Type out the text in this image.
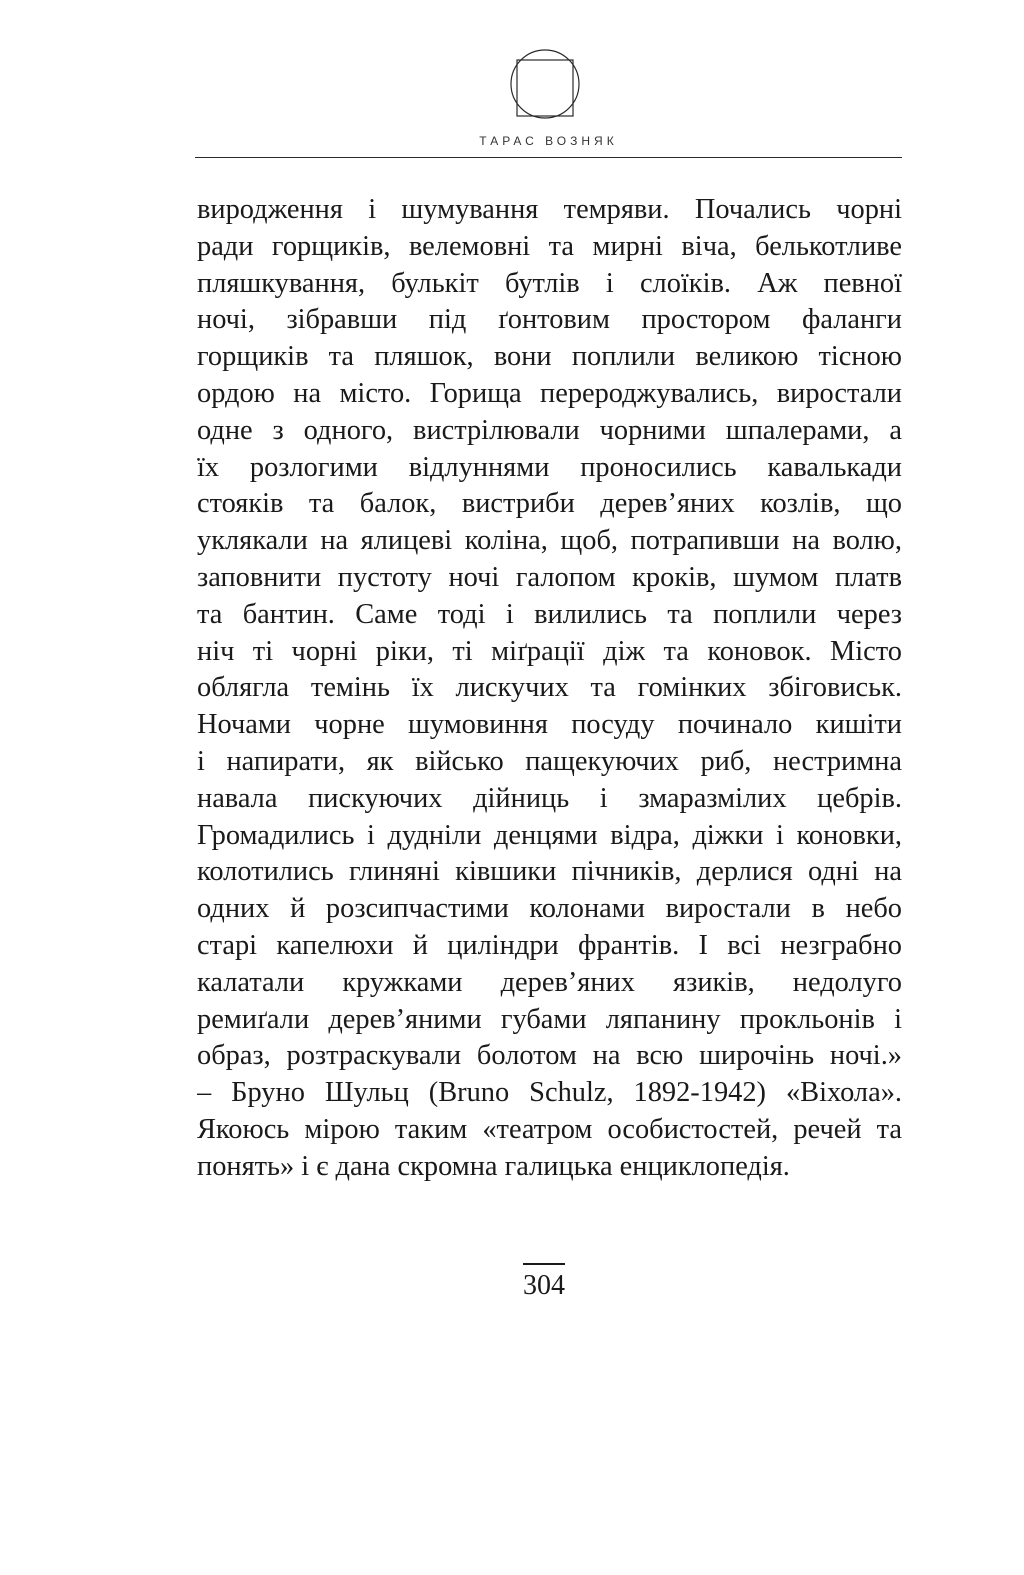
ТАРАС ВОЗНЯК
виродження і шумування темряви. Почались чорні
ради горщиків, велемовні та мирні віча, белькотливе
пляшкування, булькіт бутлів і слоїків. Аж певної
ночі, зібравши під ґонтовим простором фаланги
горщиків та пляшок, вони поплили великою тісною
ордою на місто. Горища перероджувались, виростали
одне з одного, вистрілювали чорними шпалерами, а
їх розлогими відлуннями проносились кавалькади
стояків та балок, вистриби дерев’яних козлів, що
уклякали на ялицеві коліна, щоб, потрапивши на волю,
заповнити пустоту ночі галопом кроків, шумом платв
та бантин. Саме тоді і вилились та поплили через
ніч ті чорні ріки, ті міґрації діж та коновок. Місто
облягла темінь їх лискучих та гомінких збіговиськ.
Ночами чорне шумовиння посуду починало кишіти
і напирати, як військо пащекуючих риб, нестримна
навала пискуючих дійниць і змаразмілих цебрів.
Громадились і дудніли денцями відра, діжки і коновки,
колотились глиняні ківшики пічників, дерлися одні на
одних й розсипчастими колонами виростали в небо
старі капелюхи й циліндри франтів. І всі незграбно
калатали кружками дерев’яних язиків, недолуго
ремиґали дерев’яними губами ляпанину прокльонів і
образ, розтраскували болотом на всю широчінь ночі.»
– Бруно Шульц (Bruno Schulz, 1892-1942) «Віхола».
Якоюсь мірою таким «театром особистостей, речей та
понять» і є дана скромна галицька енциклопедія.
304
